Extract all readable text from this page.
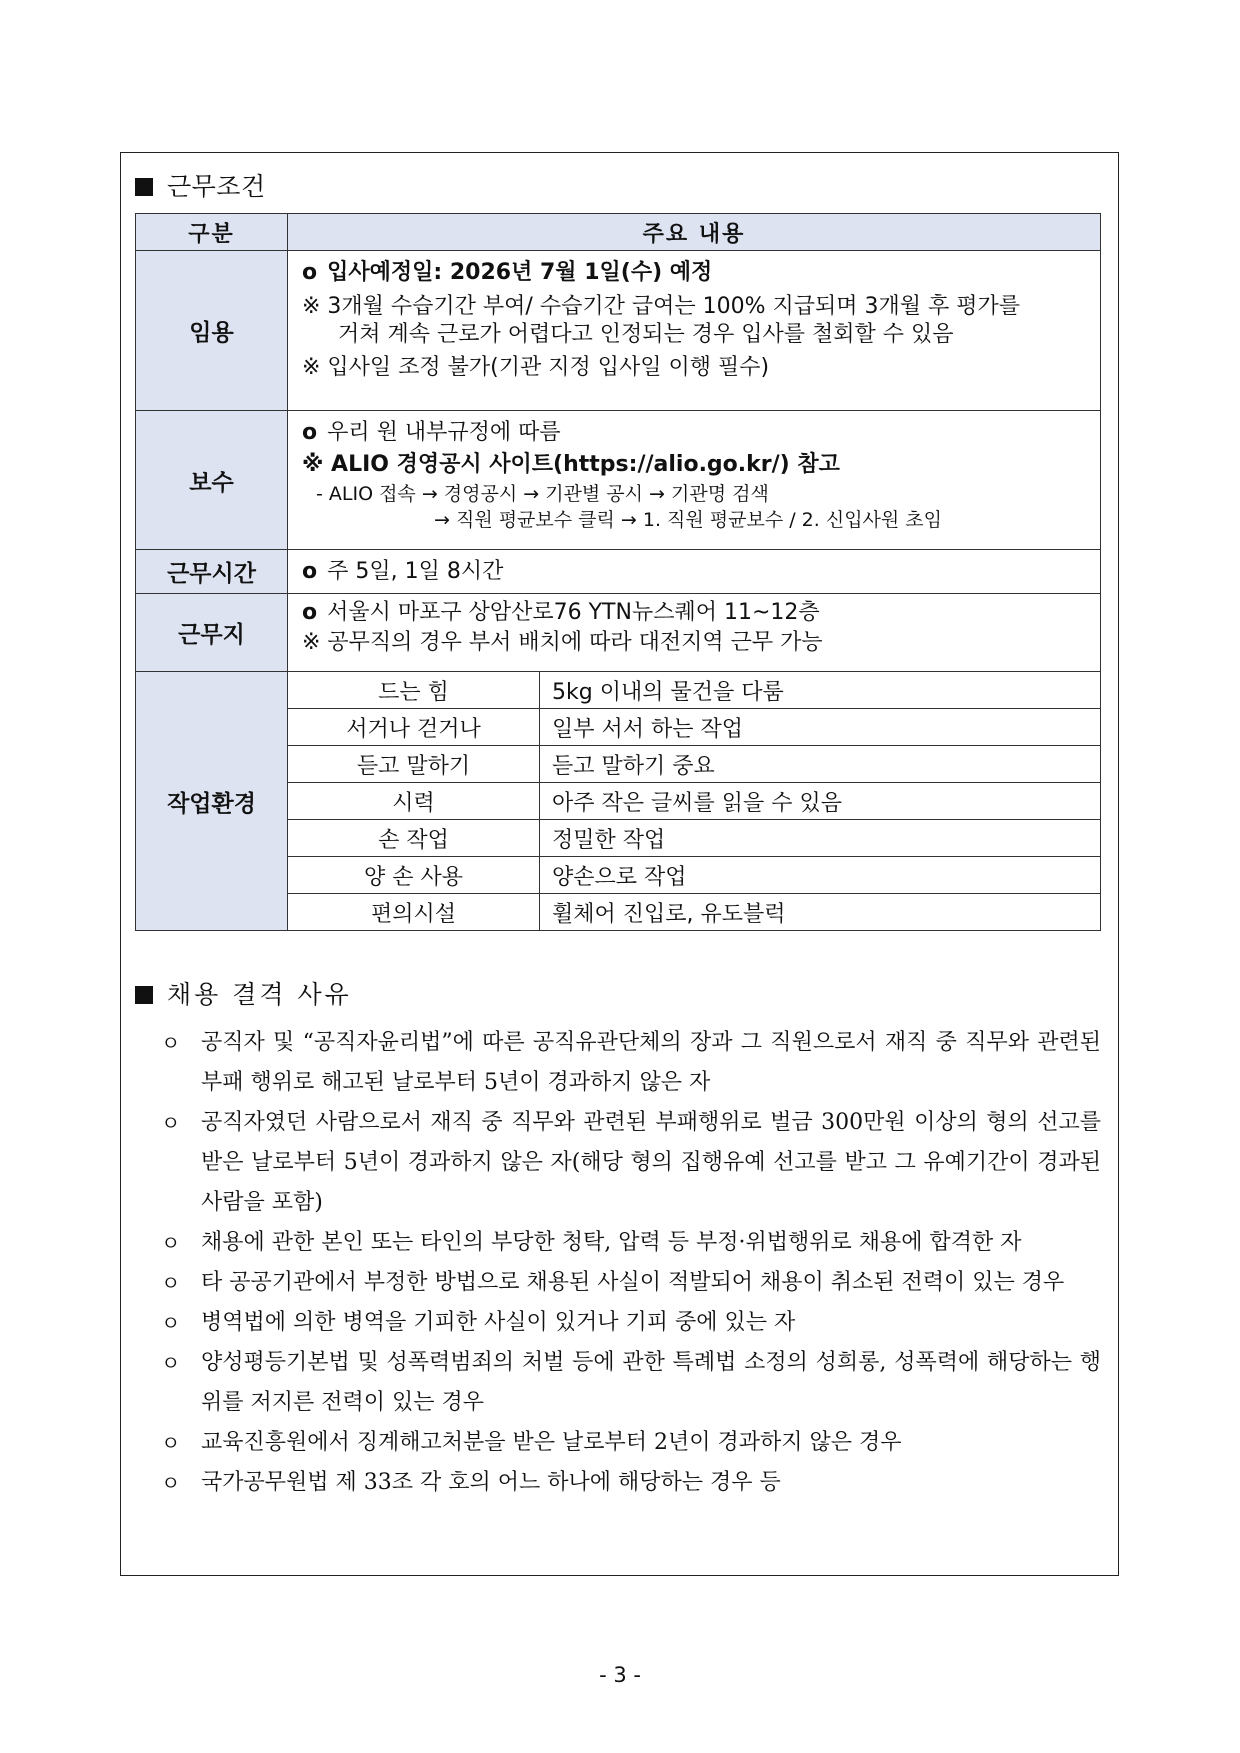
근무조건
구분	주요 내용	
임용	o 입사예정일: 2026년 7월 1일(수) 예정
※ 3개월 수습기간 부여/ 수습기간 급여는 100% 지급되며 3개월 후 평가를
거쳐 계속 근로가 어렵다고 인정되는 경우 입사를 철회할 수 있음
※ 입사일 조정 불가(기관 지정 입사일 이행 필수)	

보수	o 우리 원 내부규정에 따름
※ ALIO 경영공시 사이트(https://alio.go.kr/) 참고
- ALIO 접속 → 경영공시 → 기관별 공시 → 기관명 검색
→ 직원 평균보수 클릭 → 1. 직원 평균보수 / 2. 신입사원 초임	

근무시간	o 주 5일, 1일 8시간	
근무지	o 서울시 마포구 상암산로76 YTN뉴스퀘어 11~12층
※ 공무직의 경우 부서 배치에 따라 대전지역 근무 가능	

작업환경	드는 힘	5kg 이내의 물건을 다룸
	서거나 걷거나	일부 서서 하는 작업
	듣고 말하기	듣고 말하기 중요
	시력	아주 작은 글씨를 읽을 수 있음
	손 작업	정밀한 작업
	양 손 사용	양손으로 작업
	편의시설	휠체어 진입로, 유도블럭
채용 결격 사유
ㅇ 공직자 및 “공직자윤리법”에 따른 공직유관단체의 장과 그 직원으로서 재직 중 직무와 관련된 부패 행위로 해고된 날로부터 5년이 경과하지 않은 자
ㅇ 공직자였던 사람으로서 재직 중 직무와 관련된 부패행위로 벌금 300만원 이상의 형의 선고를 받은 날로부터 5년이 경과하지 않은 자(해당 형의 집행유예 선고를 받고 그 유예기간이 경과된 사람을 포함)
ㅇ 채용에 관한 본인 또는 타인의 부당한 청탁, 압력 등 부정·위법행위로 채용에 합격한 자
ㅇ 타 공공기관에서 부정한 방법으로 채용된 사실이 적발되어 채용이 취소된 전력이 있는 경우
ㅇ 병역법에 의한 병역을 기피한 사실이 있거나 기피 중에 있는 자
ㅇ 양성평등기본법 및 성폭력범죄의 처벌 등에 관한 특례법 소정의 성희롱, 성폭력에 해당하는 행위를 저지른 전력이 있는 경우
ㅇ 교육진흥원에서 징계해고처분을 받은 날로부터 2년이 경과하지 않은 경우
ㅇ 국가공무원법 제 33조 각 호의 어느 하나에 해당하는 경우 등
- 3 -
